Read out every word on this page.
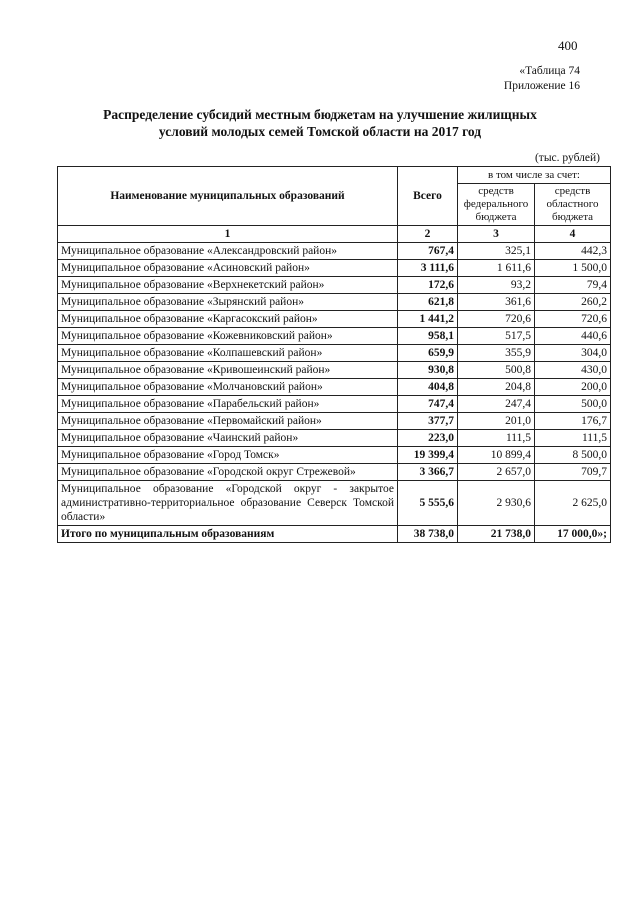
400
«Таблица 74
Приложение 16
Распределение субсидий местным бюджетам на улучшение жилищных
условий молодых семей Томской области на 2017 год
(тыс. рублей)
Наименование муниципальных образований	Всего	в том числе за счет:	
		средств федерального бюджета	средств областного бюджета
1	2	3	4
Муниципальное образование «Александровский район»	767,4	325,1	442,3
Муниципальное образование «Асиновский район»	3 111,6	1 611,6	1 500,0
Муниципальное образование «Верхнекетский район»	172,6	93,2	79,4
Муниципальное образование «Зырянский район»	621,8	361,6	260,2
Муниципальное образование «Каргасокский район»	1 441,2	720,6	720,6
Муниципальное образование «Кожевниковский район»	958,1	517,5	440,6
Муниципальное образование «Колпашевский район»	659,9	355,9	304,0
Муниципальное образование «Кривошеинский район»	930,8	500,8	430,0
Муниципальное образование «Молчановский район»	404,8	204,8	200,0
Муниципальное образование «Парабельский район»	747,4	247,4	500,0
Муниципальное образование «Первомайский район»	377,7	201,0	176,7
Муниципальное образование «Чаинский район»	223,0	111,5	111,5
Муниципальное образование «Город Томск»	19 399,4	10 899,4	8 500,0
Муниципальное образование «Городской округ Стрежевой»	3 366,7	2 657,0	709,7
Муниципальное образование «Городской округ - закрытое административно-территориальное образование Северск Томской области»	5 555,6	2 930,6	2 625,0
Итого по муниципальным образованиям	38 738,0	21 738,0	17 000,0»;
